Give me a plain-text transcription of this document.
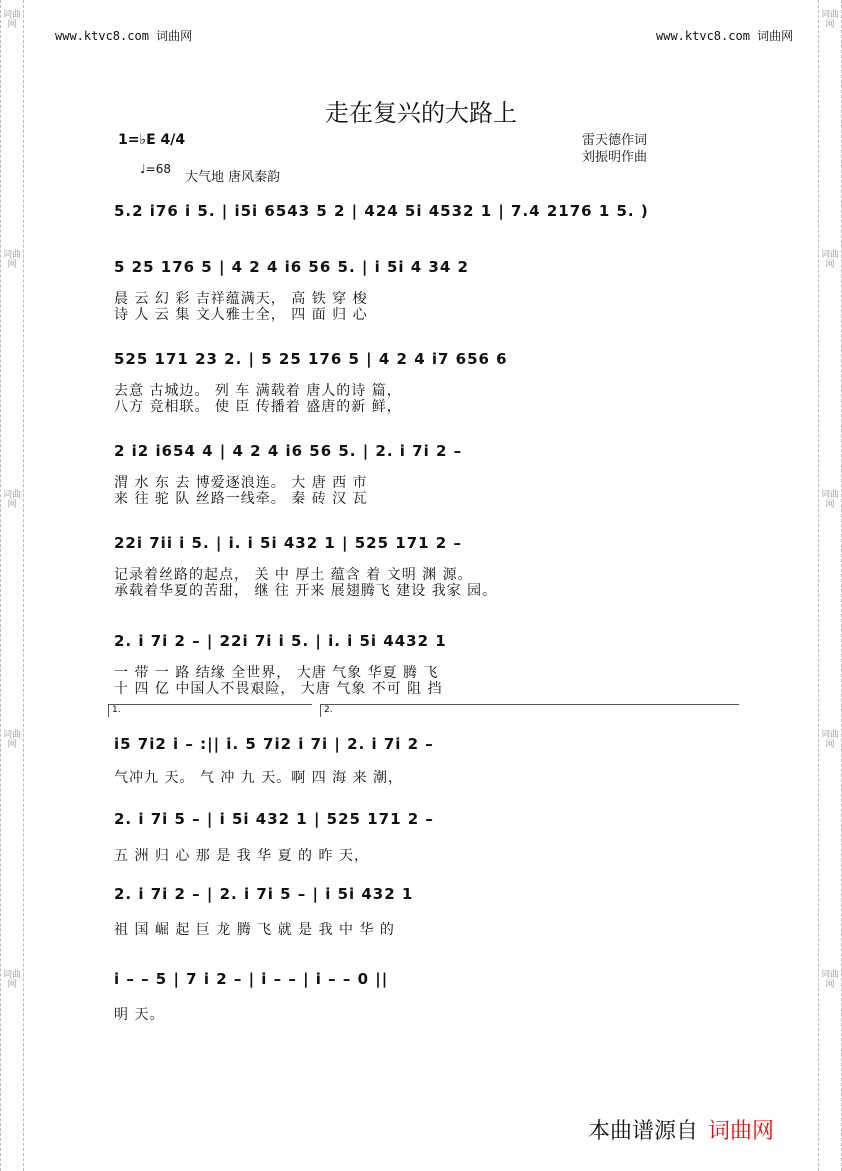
词曲网
词曲网
词曲网
词曲网
词曲网
词曲网
词曲网
词曲网
词曲网
词曲网
www.ktvc8.com 词曲网	www.ktvc8.com 词曲网
走在复兴的大路上
1=♭E 4/4	雷天德作词
刘振明作曲
♩=68
大气地 唐风秦韵
1.	2.
5.2 i76 i 5. | i5i 6543 5 2 | 424 5i 4532 1 | 7.4 2176 1 5. )
5 25 176 5 | 4 2 4 i6 56 5. | i 5i 4 34 2
晨 云 幻 彩 吉祥蕴满天， 高 铁 穿 梭
诗 人 云 集 文人雅士全， 四 面 归 心
525 171 23 2. | 5 25 176 5 | 4 2 4 i7 656 6
去意 古城边。 列 车 满载着 唐人的诗 篇，
八方 竞相联。 使 臣 传播着 盛唐的新 鲜，
2 i2 i654 4 | 4 2 4 i6 56 5. | 2. i 7i 2 –
渭 水 东 去 博爱逐浪连。 大 唐 西 市
来 往 驼 队 丝路一线牵。 秦 砖 汉 瓦
22i 7ii i 5. | i. i 5i 432 1 | 525 171 2 –
记录着丝路的起点， 关 中 厚土 蕴含 着 文明 渊 源。
承载着华夏的苦甜， 继 往 开来 展翅腾飞 建设 我家 园。
2. i 7i 2 – | 22i 7i i 5. | i. i 5i 4432 1
一 带 一 路 结缘 全世界， 大唐 气象 华夏 腾 飞
十 四 亿 中国人不畏艰险， 大唐 气象 不可 阻 挡
i5 7i2 i – :|| i. 5 7i2 i 7i | 2. i 7i 2 –
气冲九 天。 气 冲 九 天。啊 四 海 来 潮，
2. i 7i 5 – | i 5i 432 1 | 525 171 2 –
五 洲 归 心 那 是 我 华 夏 的 昨 天，
2. i 7i 2 – | 2. i 7i 5 – | i 5i 432 1
祖 国 崛 起 巨 龙 腾 飞 就 是 我 中 华 的
i – – 5 | 7 i 2 – | i – – | i – – 0 ||
明 天。
本曲谱源自 词曲网
